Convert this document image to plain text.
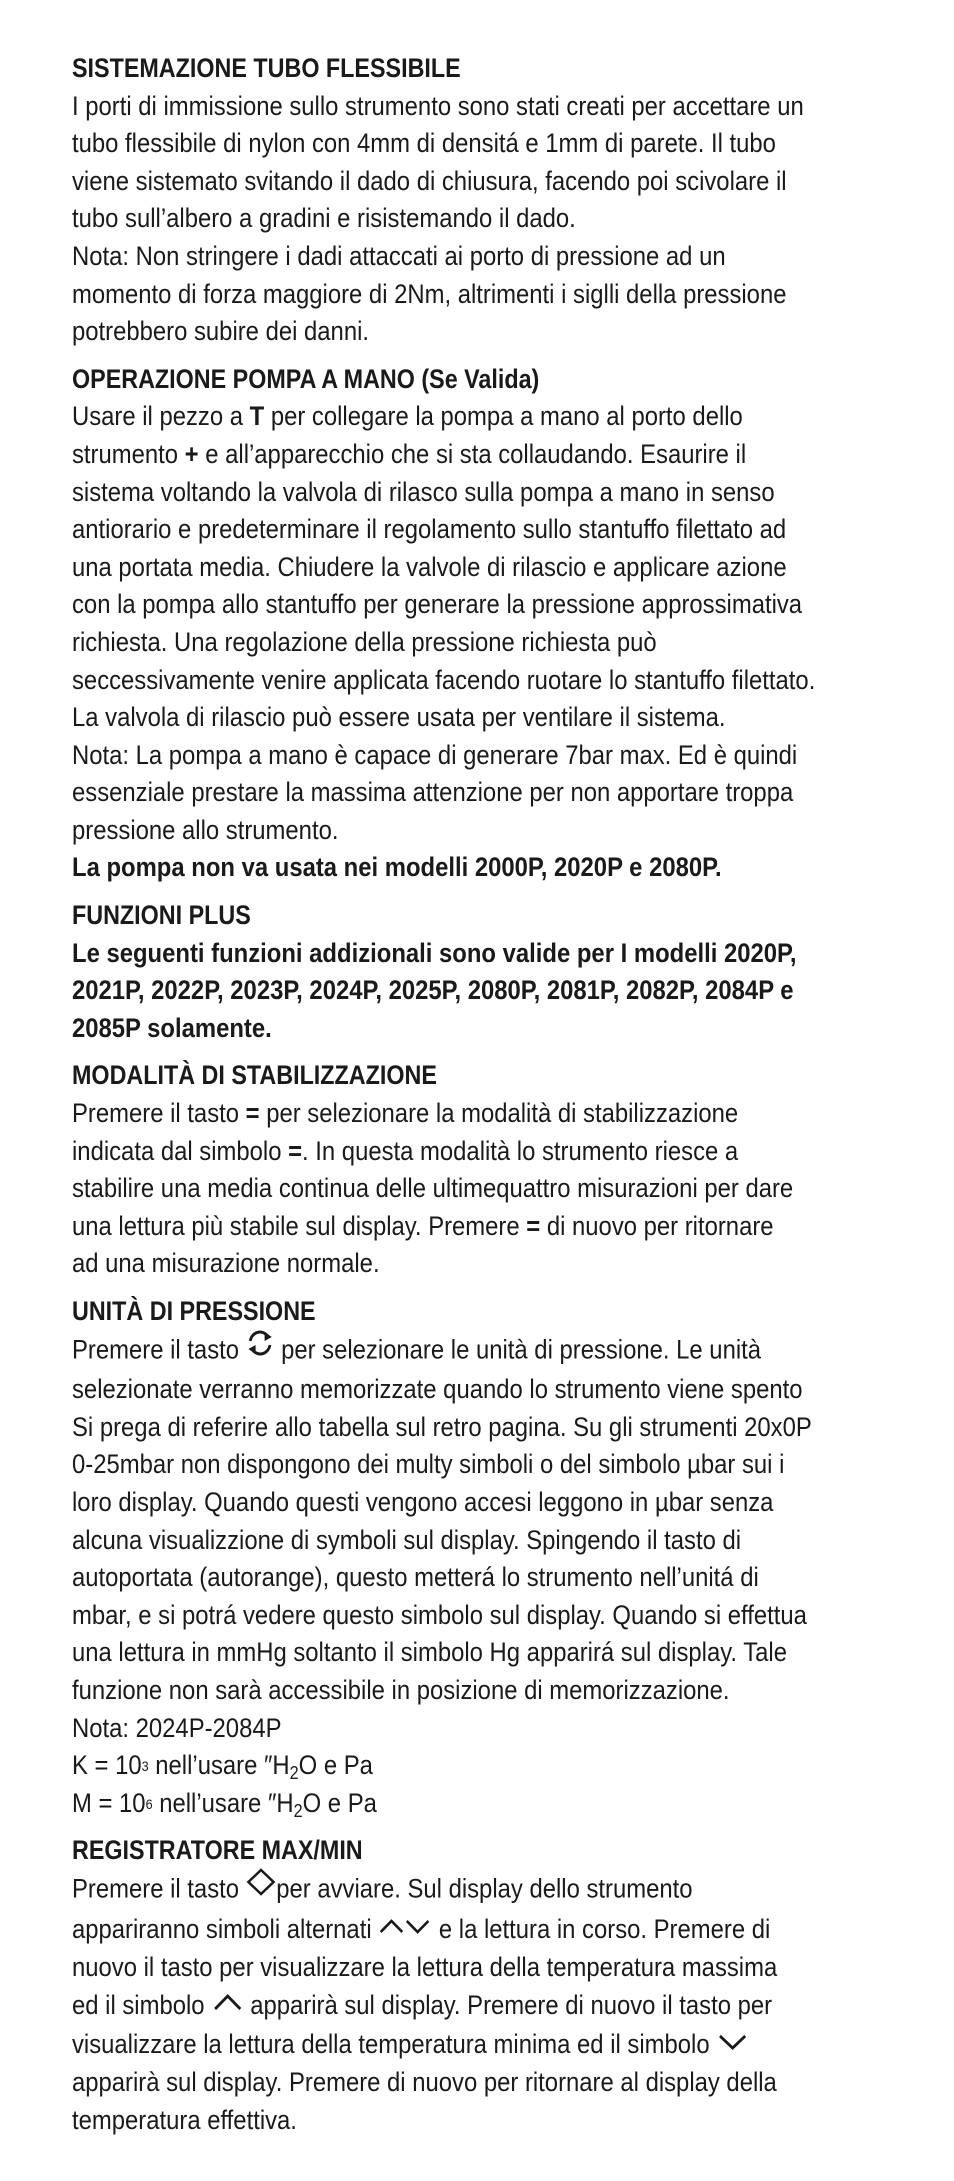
SISTEMAZIONE TUBO FLESSIBILE

I porti di immissione sullo strumento sono stati creati per accettare un
tubo flessibile di nylon con 4mm di densitá e 1mm di parete. Il tubo
viene sistemato svitando il dado di chiusura, facendo poi scivolare il
tubo sull’albero a gradini e risistemando il dado.
Nota: Non stringere i dadi attaccati ai porto di pressione ad un
momento di forza maggiore di 2Nm, altrimenti i siglli della pressione
potrebbero subire dei danni.

OPERAZIONE POMPA A MANO (Se Valida)

Usare il pezzo a T per collegare la pompa a mano al porto dello
strumento + e all’apparecchio che si sta collaudando. Esaurire il
sistema voltando la valvola di rilasco sulla pompa a mano in senso
antiorario e predeterminare il regolamento sullo stantuffo filettato ad
una portata media. Chiudere la valvole di rilascio e applicare azione
con la pompa allo stantuffo per generare la pressione approssimativa
richiesta. Una regolazione della pressione richiesta può
seccessivamente venire applicata facendo ruotare lo stantuffo filettato.
La valvola di rilascio può essere usata per ventilare il sistema.
Nota: La pompa a mano è capace di generare 7bar max. Ed è quindi
essenziale prestare la massima attenzione per non apportare troppa
pressione allo strumento.
La pompa non va usata nei modelli 2000P, 2020P e 2080P.

FUNZIONI PLUS

Le seguenti funzioni addizionali sono valide per I modelli 2020P,
2021P, 2022P, 2023P, 2024P, 2025P, 2080P, 2081P, 2082P, 2084P e
2085P solamente.

MODALITÀ DI STABILIZZAZIONE

Premere il tasto = per selezionare la modalità di stabilizzazione
indicata dal simbolo =. In questa modalità lo strumento riesce a
stabilire una media continua delle ultimequattro misurazioni per dare
una lettura più stabile sul display. Premere = di nuovo per ritornare
ad una misurazione normale.

UNITÀ DI PRESSIONE

Premere il tasto  per selezionare le unità di pressione. Le unità
selezionate verranno memorizzate quando lo strumento viene spento
Si prega di referire allo tabella sul retro pagina. Su gli strumenti 20x0P
0-25mbar non dispongono dei multy simboli o del simbolo µbar sui i
loro display. Quando questi vengono accesi leggono in µbar senza
alcuna visualizzione di symboli sul display. Spingendo il tasto di
autoportata (autorange), questo metterá lo strumento nell’unitá di
mbar, e si potrá vedere questo simbolo sul display. Quando si effettua
una lettura in mmHg soltanto il simbolo Hg apparirá sul display. Tale
funzione non sarà accessibile in posizione di memorizzazione.
Nota: 2024P-2084P
$K = 10^3$ nell’usare $''H_2O$ e Pa
$M = 10^6$ nell’usare $''H_2O$ e Pa

REGISTRATORE MAX/MIN

Premere il tasto per avviare. Sul display dello strumento
appariranno simboli alternati  e la lettura in corso. Premere di
nuovo il tasto per visualizzare la lettura della temperatura massima
ed il simbolo  apparirà sul display. Premere di nuovo il tasto per
visualizzare la lettura della temperatura minima ed il simbolo
apparirà sul display. Premere di nuovo per ritornare al display della
temperatura effettiva.
